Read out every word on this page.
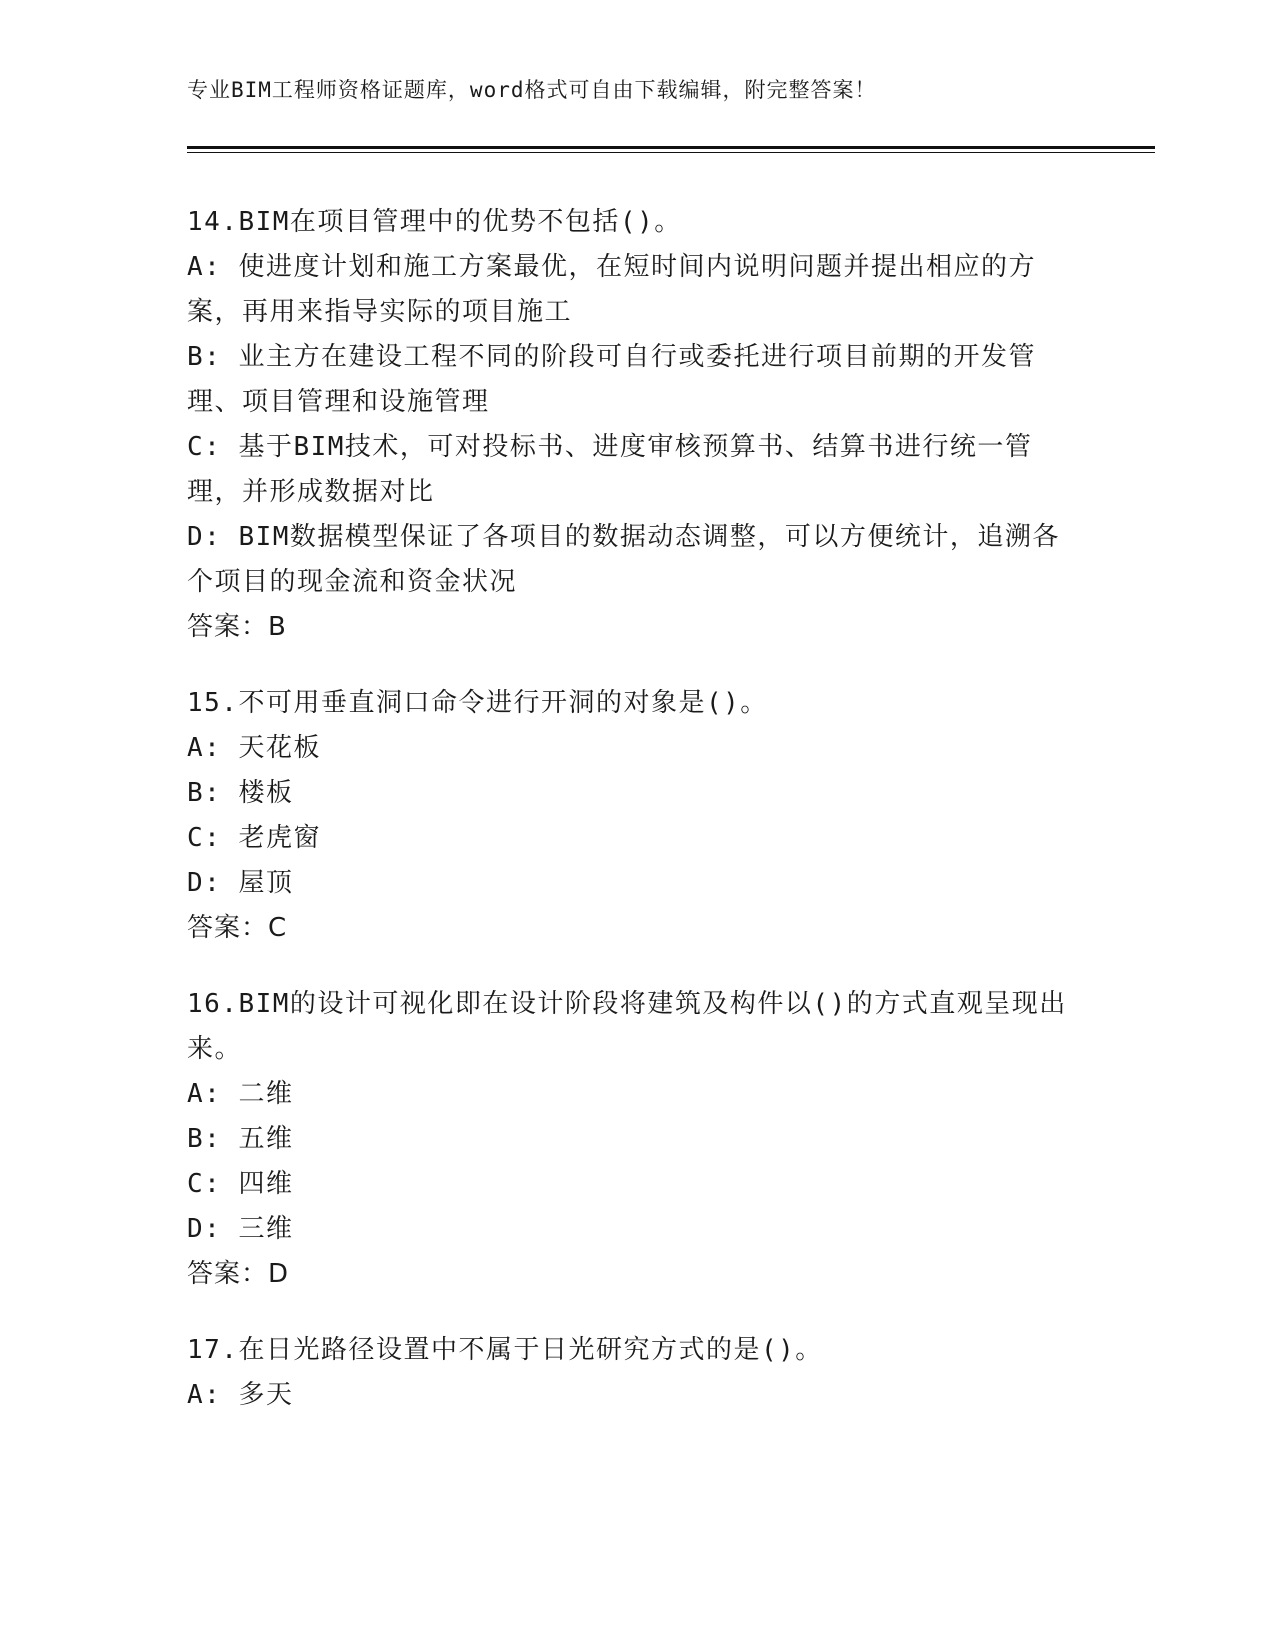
专业BIM工程师资格证题库，word格式可自由下载编辑，附完整答案！

14.BIM在项目管理中的优势不包括()。

A: 使进度计划和施工方案最优，在短时间内说明问题并提出相应的方案，再用来指导实际的项目施工

B: 业主方在建设工程不同的阶段可自行或委托进行项目前期的开发管理、项目管理和设施管理

C: 基于BIM技术，可对投标书、进度审核预算书、结算书进行统一管理，并形成数据对比

D: BIM数据模型保证了各项目的数据动态调整，可以方便统计，追溯各个项目的现金流和资金状况

答案：B

15.不可用垂直洞口命令进行开洞的对象是()。

A: 天花板

B: 楼板

C: 老虎窗

D: 屋顶

答案：C

16.BIM的设计可视化即在设计阶段将建筑及构件以()的方式直观呈现出来。

A: 二维

B: 五维

C: 四维

D: 三维

答案：D

17.在日光路径设置中不属于日光研究方式的是()。

A: 多天
